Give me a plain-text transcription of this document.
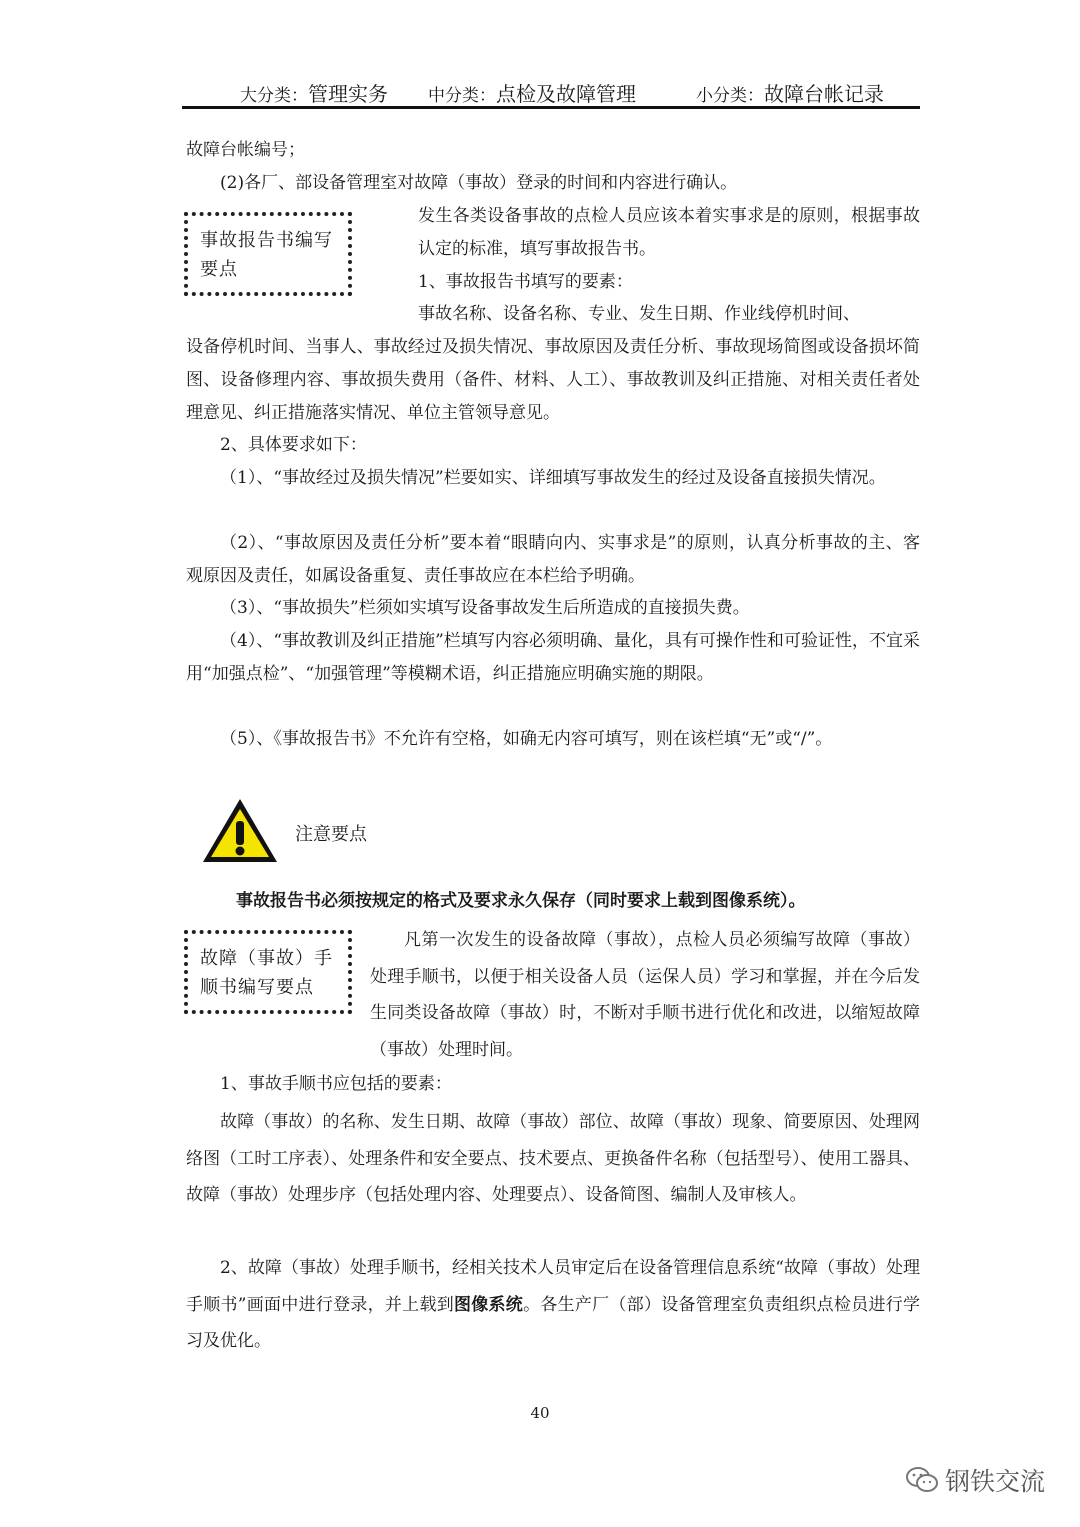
大分类：管理实务 中分类：点检及故障管理	小分类：故障台帐记录
故障台帐编号；
(2)各厂、部设备管理室对故障（事故）登录的时间和内容进行确认。
事故报告书编写要点
发生各类设备事故的点检人员应该本着实事求是的原则，根据事故认定的标准，填写事故报告书。
1、事故报告书填写的要素：
事故名称、设备名称、专业、发生日期、作业线停机时间、
设备停机时间、当事人、事故经过及损失情况、事故原因及责任分析、事故现场简图或设备损坏简图、设备修理内容、事故损失费用（备件、材料、人工）、事故教训及纠正措施、对相关责任者处理意见、纠正措施落实情况、单位主管领导意见。
2、具体要求如下：
（1）、“事故经过及损失情况”栏要如实、详细填写事故发生的经过及设备直接损失情况。
（2）、“事故原因及责任分析”要本着“眼睛向内、实事求是”的原则，认真分析事故的主、客观原因及责任，如属设备重复、责任事故应在本栏给予明确。
（3）、“事故损失”栏须如实填写设备事故发生后所造成的直接损失费。
（4）、“事故教训及纠正措施”栏填写内容必须明确、量化，具有可操作性和可验证性，不宜采用“加强点检”、“加强管理”等模糊术语，纠正措施应明确实施的期限。
（5）、《事故报告书》不允许有空格，如确无内容可填写，则在该栏填“无”或“/”。
注意要点
事故报告书必须按规定的格式及要求永久保存（同时要求上载到图像系统）。
故障（事故）手顺书编写要点
凡第一次发生的设备故障（事故），点检人员必须编写故障（事故）处理手顺书，以便于相关设备人员（运保人员）学习和掌握，并在今后发生同类设备故障（事故）时，不断对手顺书进行优化和改进，以缩短故障（事故）处理时间。
1、事故手顺书应包括的要素：
故障（事故）的名称、发生日期、故障（事故）部位、故障（事故）现象、简要原因、处理网络图（工时工序表）、处理条件和安全要点、技术要点、更换备件名称（包括型号）、使用工器具、故障（事故）处理步序（包括处理内容、处理要点）、设备简图、编制人及审核人。
2、故障（事故）处理手顺书，经相关技术人员审定后在设备管理信息系统“故障（事故）处理手顺书”画面中进行登录，并上载到图像系统。各生产厂（部）设备管理室负责组织点检员进行学习及优化。
40
钢铁交流
